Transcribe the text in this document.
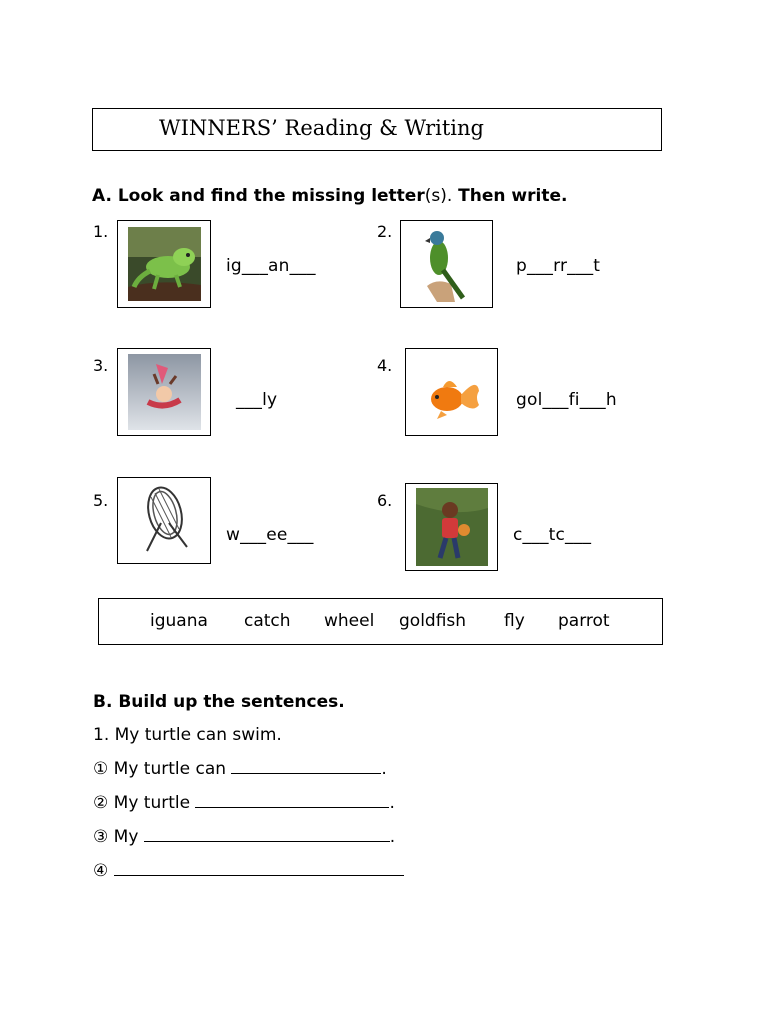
WINNERS’ Reading & Writing
A. Look and find the missing letter(s). Then write.
1.
ig___an___
2.
p___rr___t
3.
___ly
4.
gol___fi___h
5.
w___ee___
6.
c___tc___
iguana catch wheel goldfish fly parrot
B. Build up the sentences.
1. My turtle can swim.
① My turtle can	.
② My turtle	.
③ My	.
④
